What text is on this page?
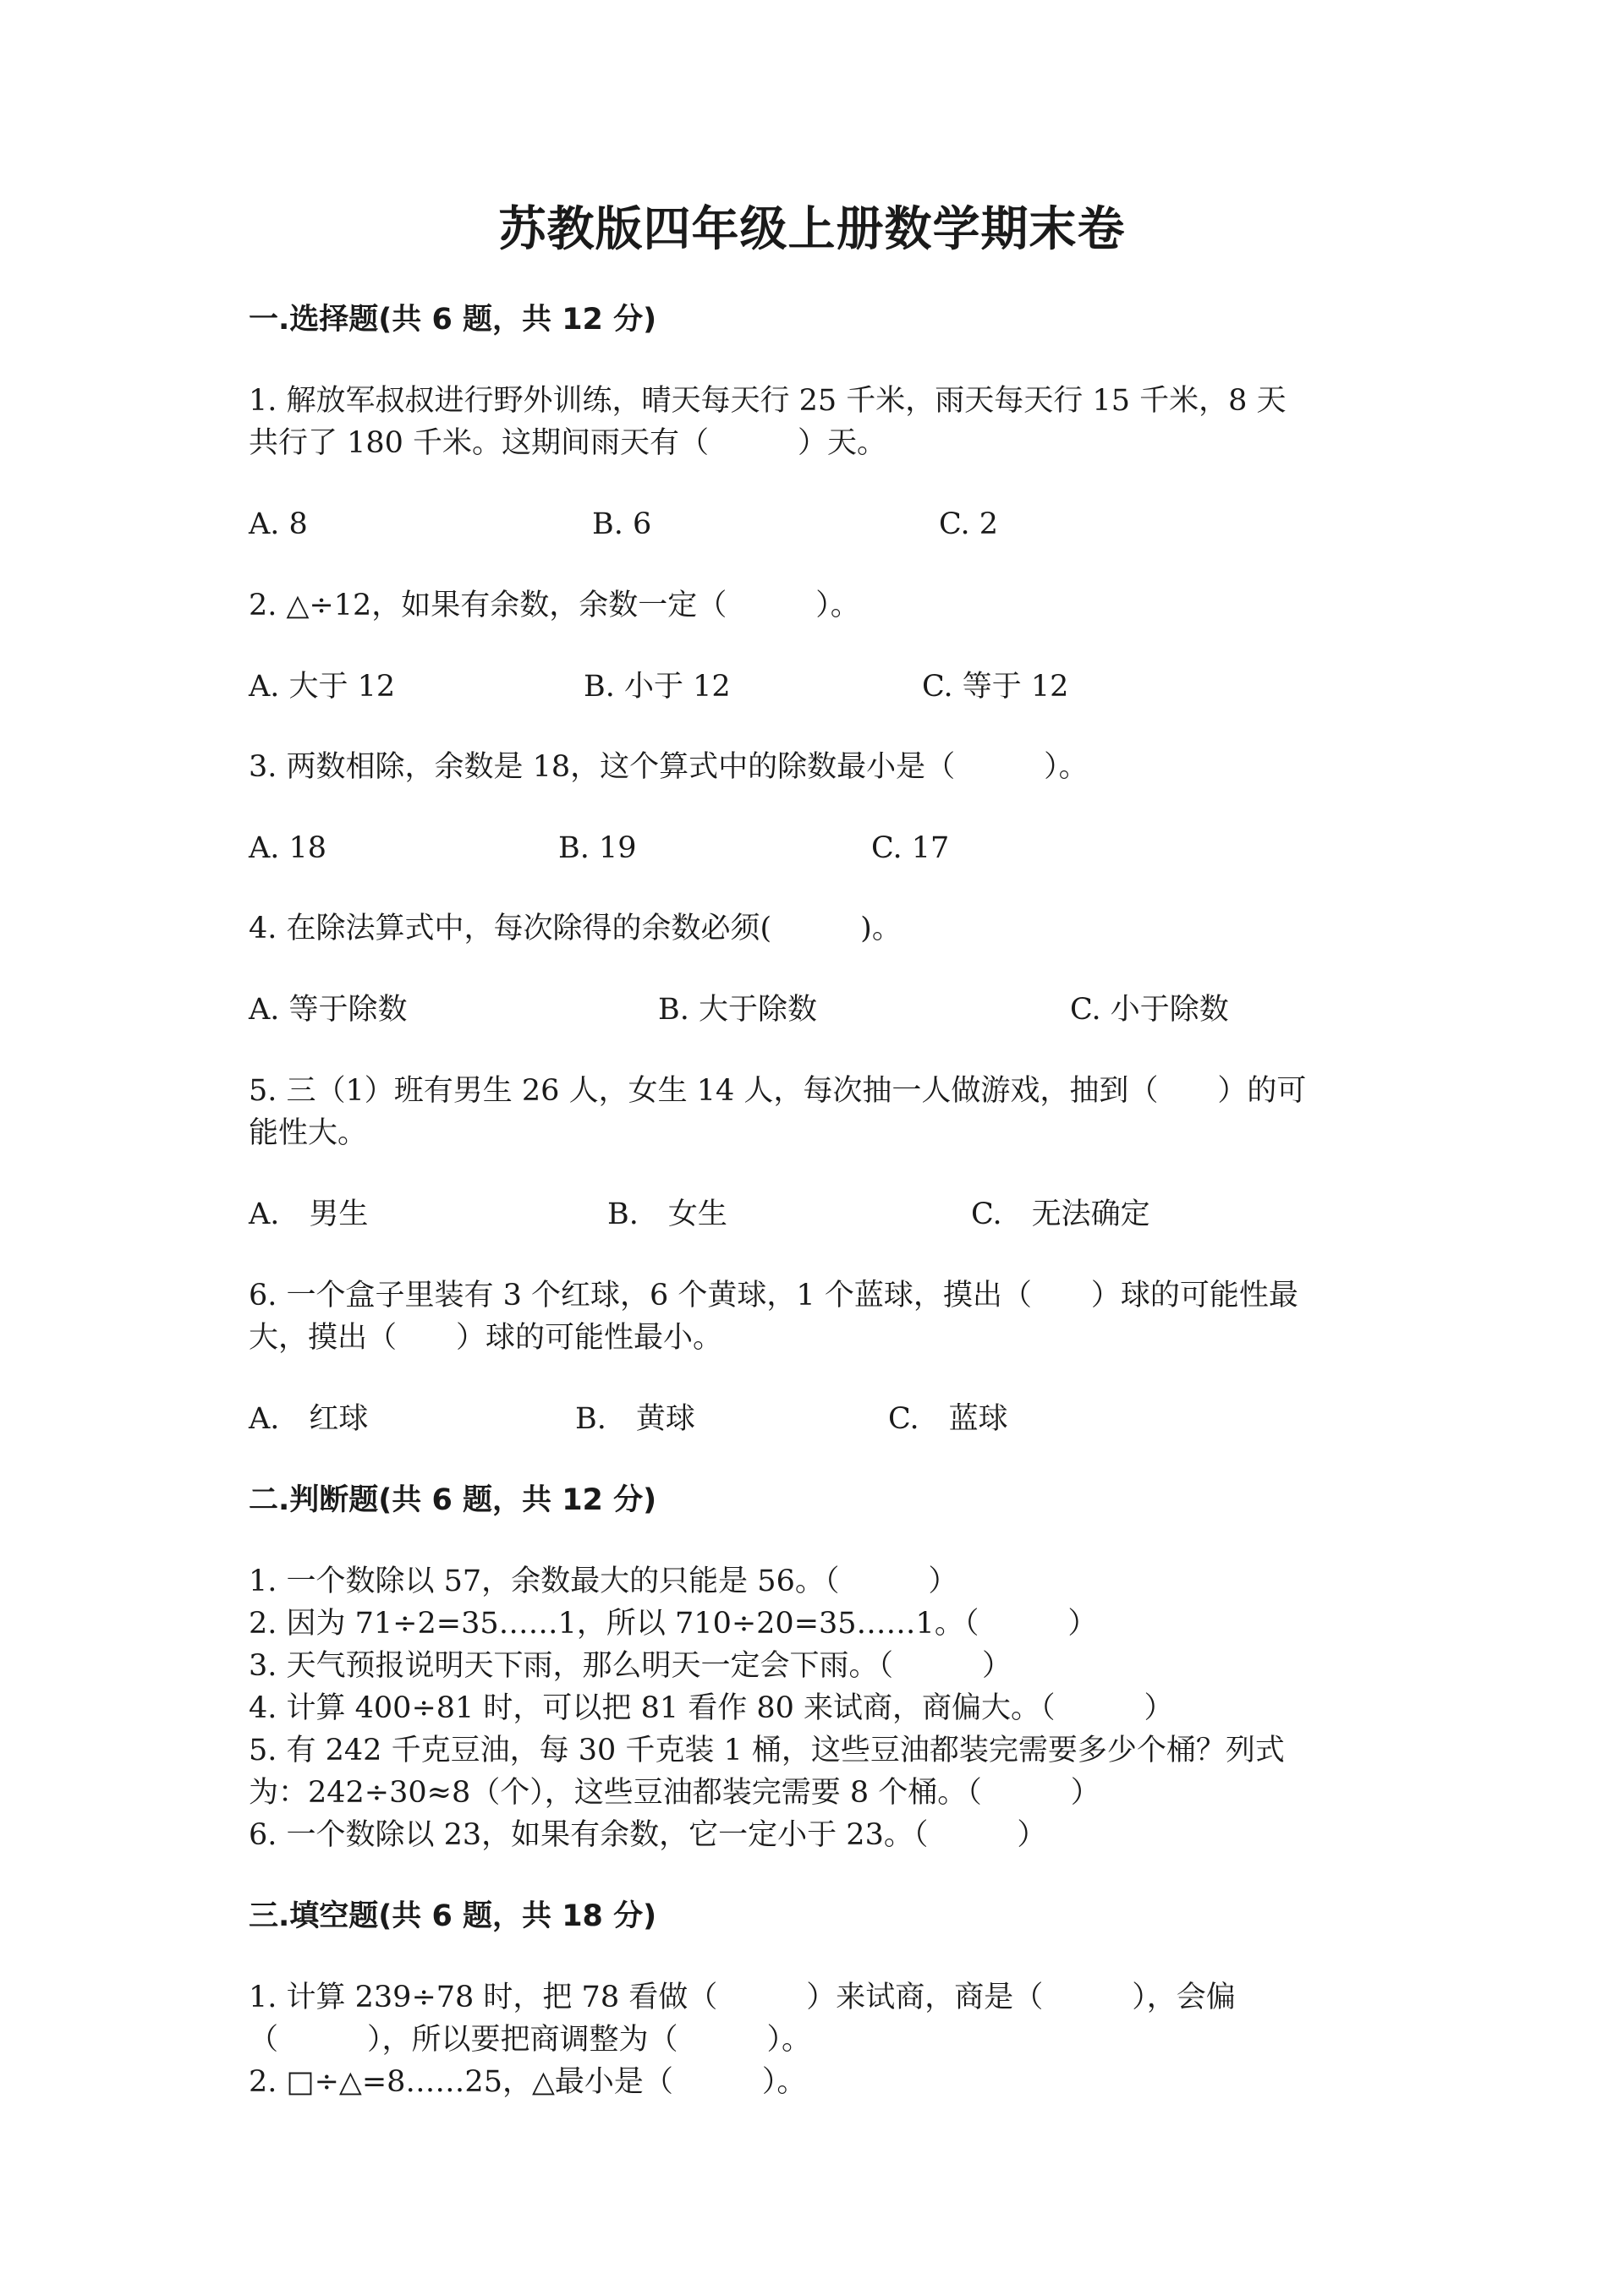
苏教版四年级上册数学期末卷
一.选择题(共 6 题，共 12 分)
1. 解放军叔叔进行野外训练，晴天每天行 25 千米，雨天每天行 15 千米，8 天
共行了 180 千米。这期间雨天有（　　　）天。
A. 8	B. 6	C. 2
2. △÷12，如果有余数，余数一定（　　　）。
A. 大于 12	B. 小于 12	C. 等于 12
3. 两数相除，余数是 18，这个算式中的除数最小是（　　　）。
A. 18	B. 19	C. 17
4. 在除法算式中，每次除得的余数必须(　　　)。
A. 等于除数	B. 大于除数	C. 小于除数
5. 三（1）班有男生 26 人，女生 14 人，每次抽一人做游戏，抽到（　　）的可
能性大。
A.　男生	B.　女生	C.　无法确定
6. 一个盒子里装有 3 个红球，6 个黄球，1 个蓝球，摸出（　　）球的可能性最
大，摸出（　　）球的可能性最小。
A.　红球	B.　黄球	C.　蓝球
二.判断题(共 6 题，共 12 分)
1. 一个数除以 57，余数最大的只能是 56。（　　　）
2. 因为 71÷2=35……1，所以 710÷20=35……1。（　　　）
3. 天气预报说明天下雨，那么明天一定会下雨。（　　　）
4. 计算 400÷81 时，可以把 81 看作 80 来试商，商偏大。（　　　）
5. 有 242 千克豆油，每 30 千克装 1 桶，这些豆油都装完需要多少个桶？列式
为：242÷30≈8（个），这些豆油都装完需要 8 个桶。（　　　）
6. 一个数除以 23，如果有余数，它一定小于 23。（　　　）
三.填空题(共 6 题，共 18 分)
1. 计算 239÷78 时，把 78 看做（　　　）来试商，商是（　　　），会偏
（　　　），所以要把商调整为（　　　）。
2. □÷△=8……25，△最小是（　　　）。
